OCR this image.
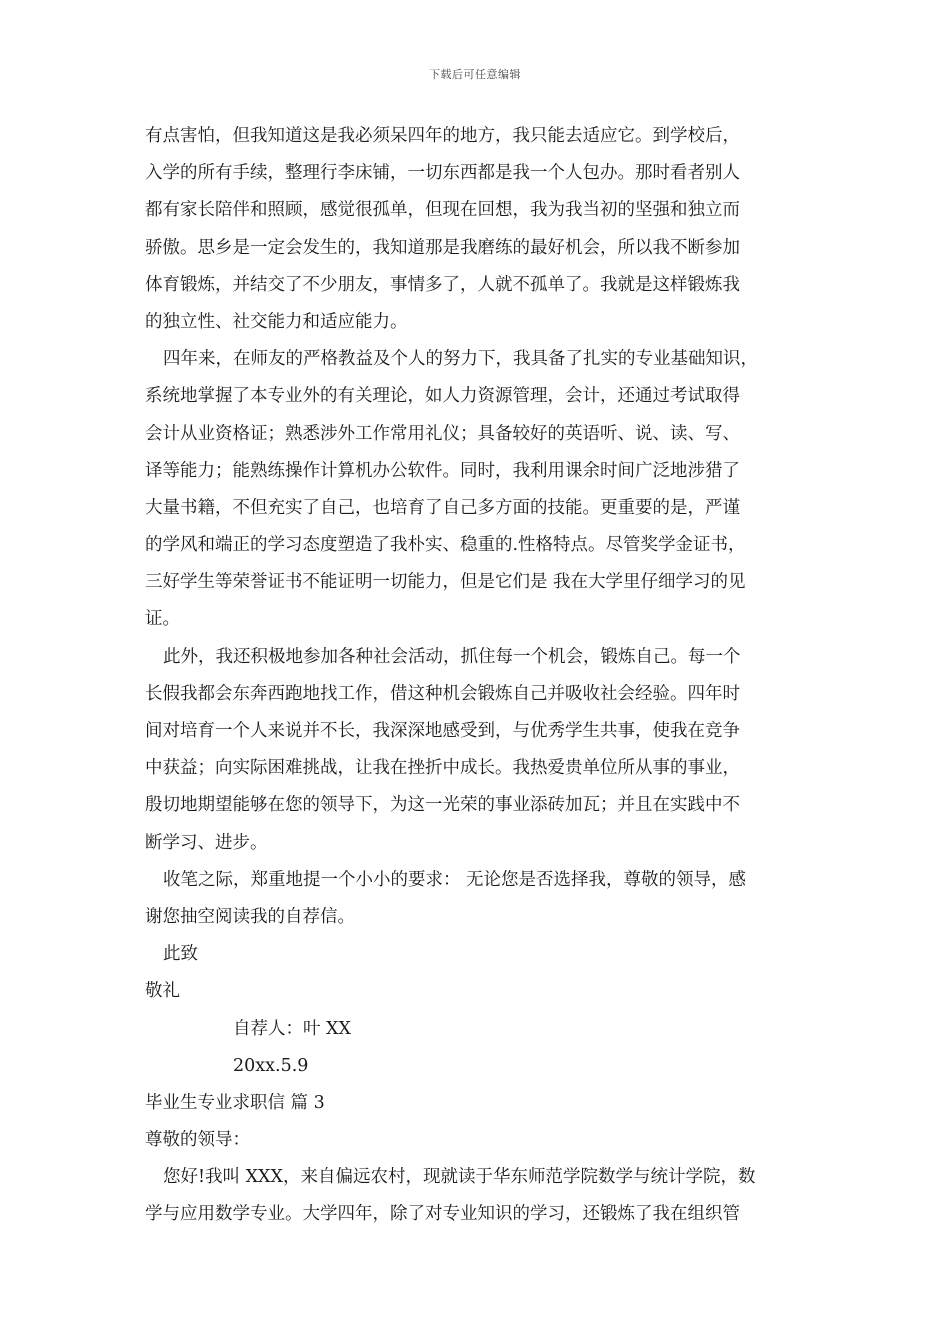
下载后可任意编辑
有点害怕，但我知道这是我必须呆四年的地方，我只能去适应它。到学校后，
入学的所有手续，整理行李床铺，一切东西都是我一个人包办。那时看者别人
都有家长陪伴和照顾，感觉很孤单，但现在回想，我为我当初的坚强和独立而
骄傲。思乡是一定会发生的，我知道那是我磨练的最好机会，所以我不断参加
体育锻炼，并结交了不少朋友，事情多了，人就不孤单了。我就是这样锻炼我
的独立性、社交能力和适应能力。
四年来，在师友的严格教益及个人的努力下，我具备了扎实的专业基础知识，
系统地掌握了本专业外的有关理论，如人力资源管理，会计，还通过考试取得
会计从业资格证；熟悉涉外工作常用礼仪；具备较好的英语听、说、读、写、
译等能力；能熟练操作计算机办公软件。同时，我利用课余时间广泛地涉猎了
大量书籍，不但充实了自己，也培育了自己多方面的技能。更重要的是，严谨
的学风和端正的学习态度塑造了我朴实、稳重的.性格特点。尽管奖学金证书，
三好学生等荣誉证书不能证明一切能力，但是它们是 我在大学里仔细学习的见
证。
此外，我还积极地参加各种社会活动，抓住每一个机会，锻炼自己。每一个
长假我都会东奔西跑地找工作，借这种机会锻炼自己并吸收社会经验。四年时
间对培育一个人来说并不长，我深深地感受到，与优秀学生共事，使我在竞争
中获益；向实际困难挑战，让我在挫折中成长。我热爱贵单位所从事的事业，
殷切地期望能够在您的领导下，为这一光荣的事业添砖加瓦；并且在实践中不
断学习、进步。
收笔之际，郑重地提一个小小的要求： 无论您是否选择我，尊敬的领导，感
谢您抽空阅读我的自荐信。
此致
敬礼
自荐人：叶 XX
20xx.5.9
毕业生专业求职信 篇 3
尊敬的领导：
您好!我叫 XXX，来自偏远农村，现就读于华东师范学院数学与统计学院，数
学与应用数学专业。大学四年，除了对专业知识的学习，还锻炼了我在组织管
